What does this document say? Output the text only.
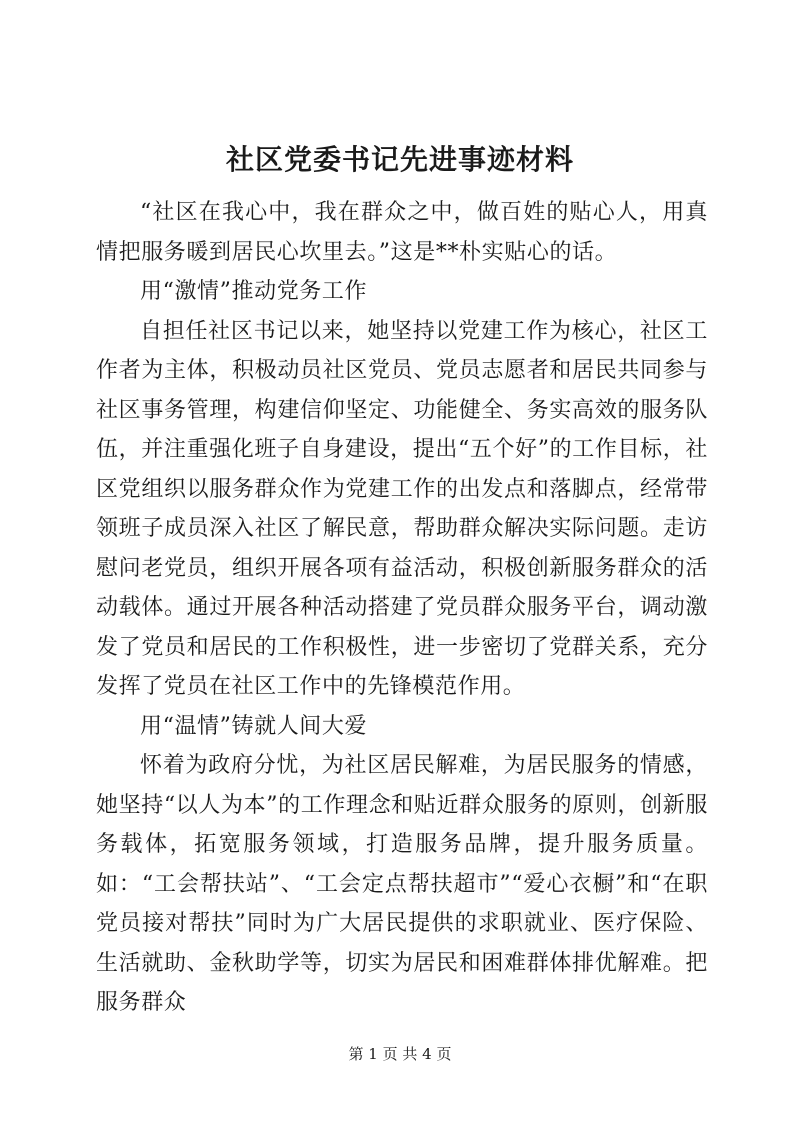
社区党委书记先进事迹材料

“社区在我心中，我在群众之中，做百姓的贴心人，用真情把服务暖到居民心坎里去。”这是**朴实贴心的话。

用“激情”推动党务工作

自担任社区书记以来，她坚持以党建工作为核心，社区工作者为主体，积极动员社区党员、党员志愿者和居民共同参与社区事务管理，构建信仰坚定、功能健全、务实高效的服务队伍，并注重强化班子自身建设，提出“五个好”的工作目标，社区党组织以服务群众作为党建工作的出发点和落脚点，经常带领班子成员深入社区了解民意，帮助群众解决实际问题。走访慰问老党员，组织开展各项有益活动，积极创新服务群众的活动载体。通过开展各种活动搭建了党员群众服务平台，调动激发了党员和居民的工作积极性，进一步密切了党群关系，充分发挥了党员在社区工作中的先锋模范作用。

用“温情”铸就人间大爱

怀着为政府分忧，为社区居民解难，为居民服务的情感，她坚持“以人为本”的工作理念和贴近群众服务的原则，创新服务载体，拓宽服务领域，打造服务品牌，提升服务质量。如：“工会帮扶站”、“工会定点帮扶超市”“爱心衣橱”和“在职党员接对帮扶”同时为广大居民提供的求职就业、医疗保险、生活就助、金秋助学等，切实为居民和困难群体排优解难。把服务群众

第 1 页 共 4 页
